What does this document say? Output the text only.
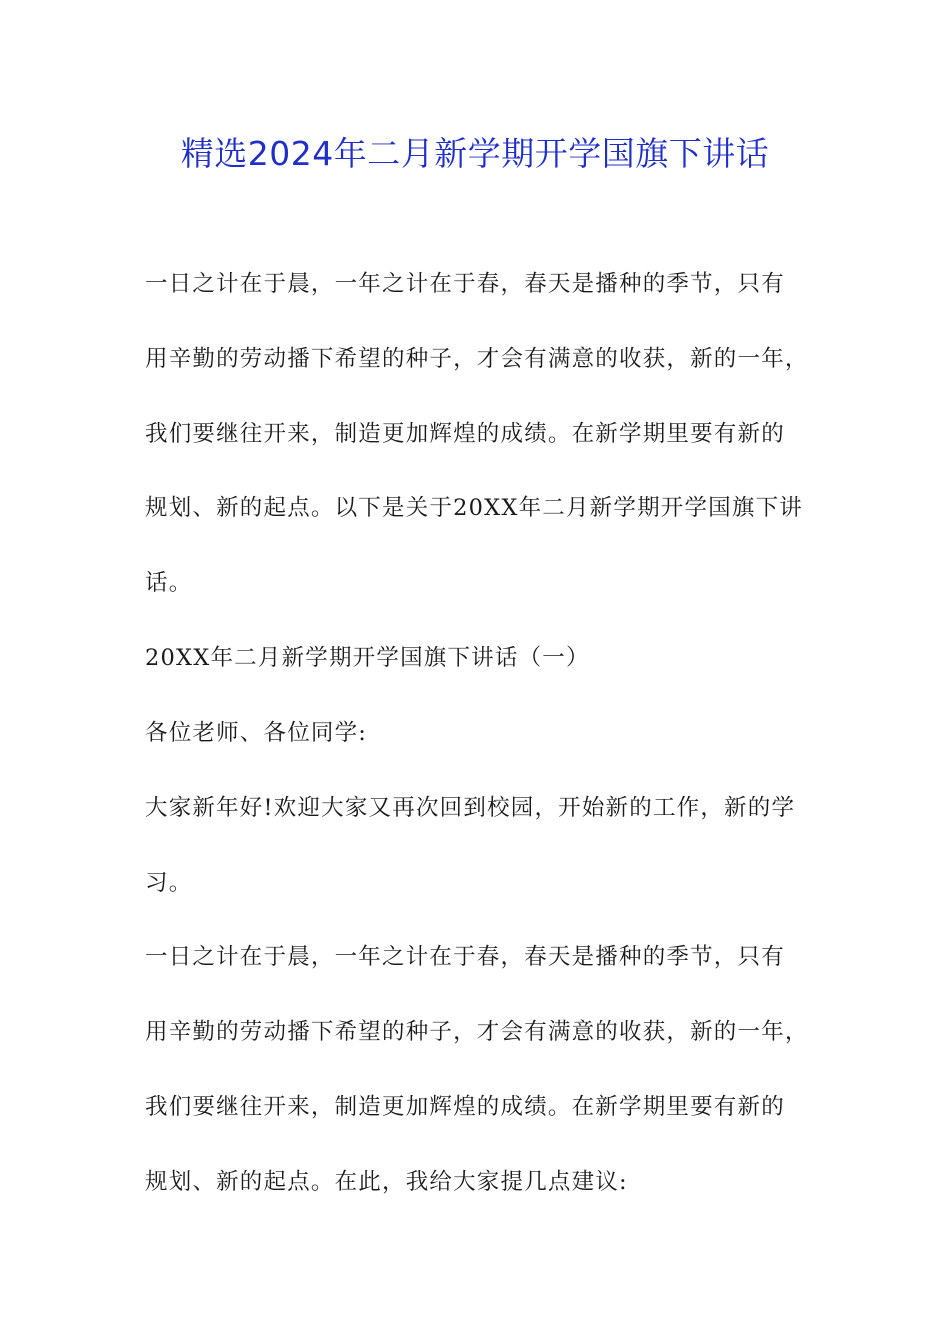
精选2024年二月新学期开学国旗下讲话
一日之计在于晨，一年之计在于春，春天是播种的季节，只有
用辛勤的劳动播下希望的种子，才会有满意的收获，新的一年，
我们要继往开来，制造更加辉煌的成绩。在新学期里要有新的
规划、新的起点。以下是关于20XX年二月新学期开学国旗下讲
话。
20XX年二月新学期开学国旗下讲话（一）
各位老师、各位同学:
大家新年好!欢迎大家又再次回到校园，开始新的工作，新的学
习。
一日之计在于晨，一年之计在于春，春天是播种的季节，只有
用辛勤的劳动播下希望的种子，才会有满意的收获，新的一年，
我们要继往开来，制造更加辉煌的成绩。在新学期里要有新的
规划、新的起点。在此，我给大家提几点建议:
